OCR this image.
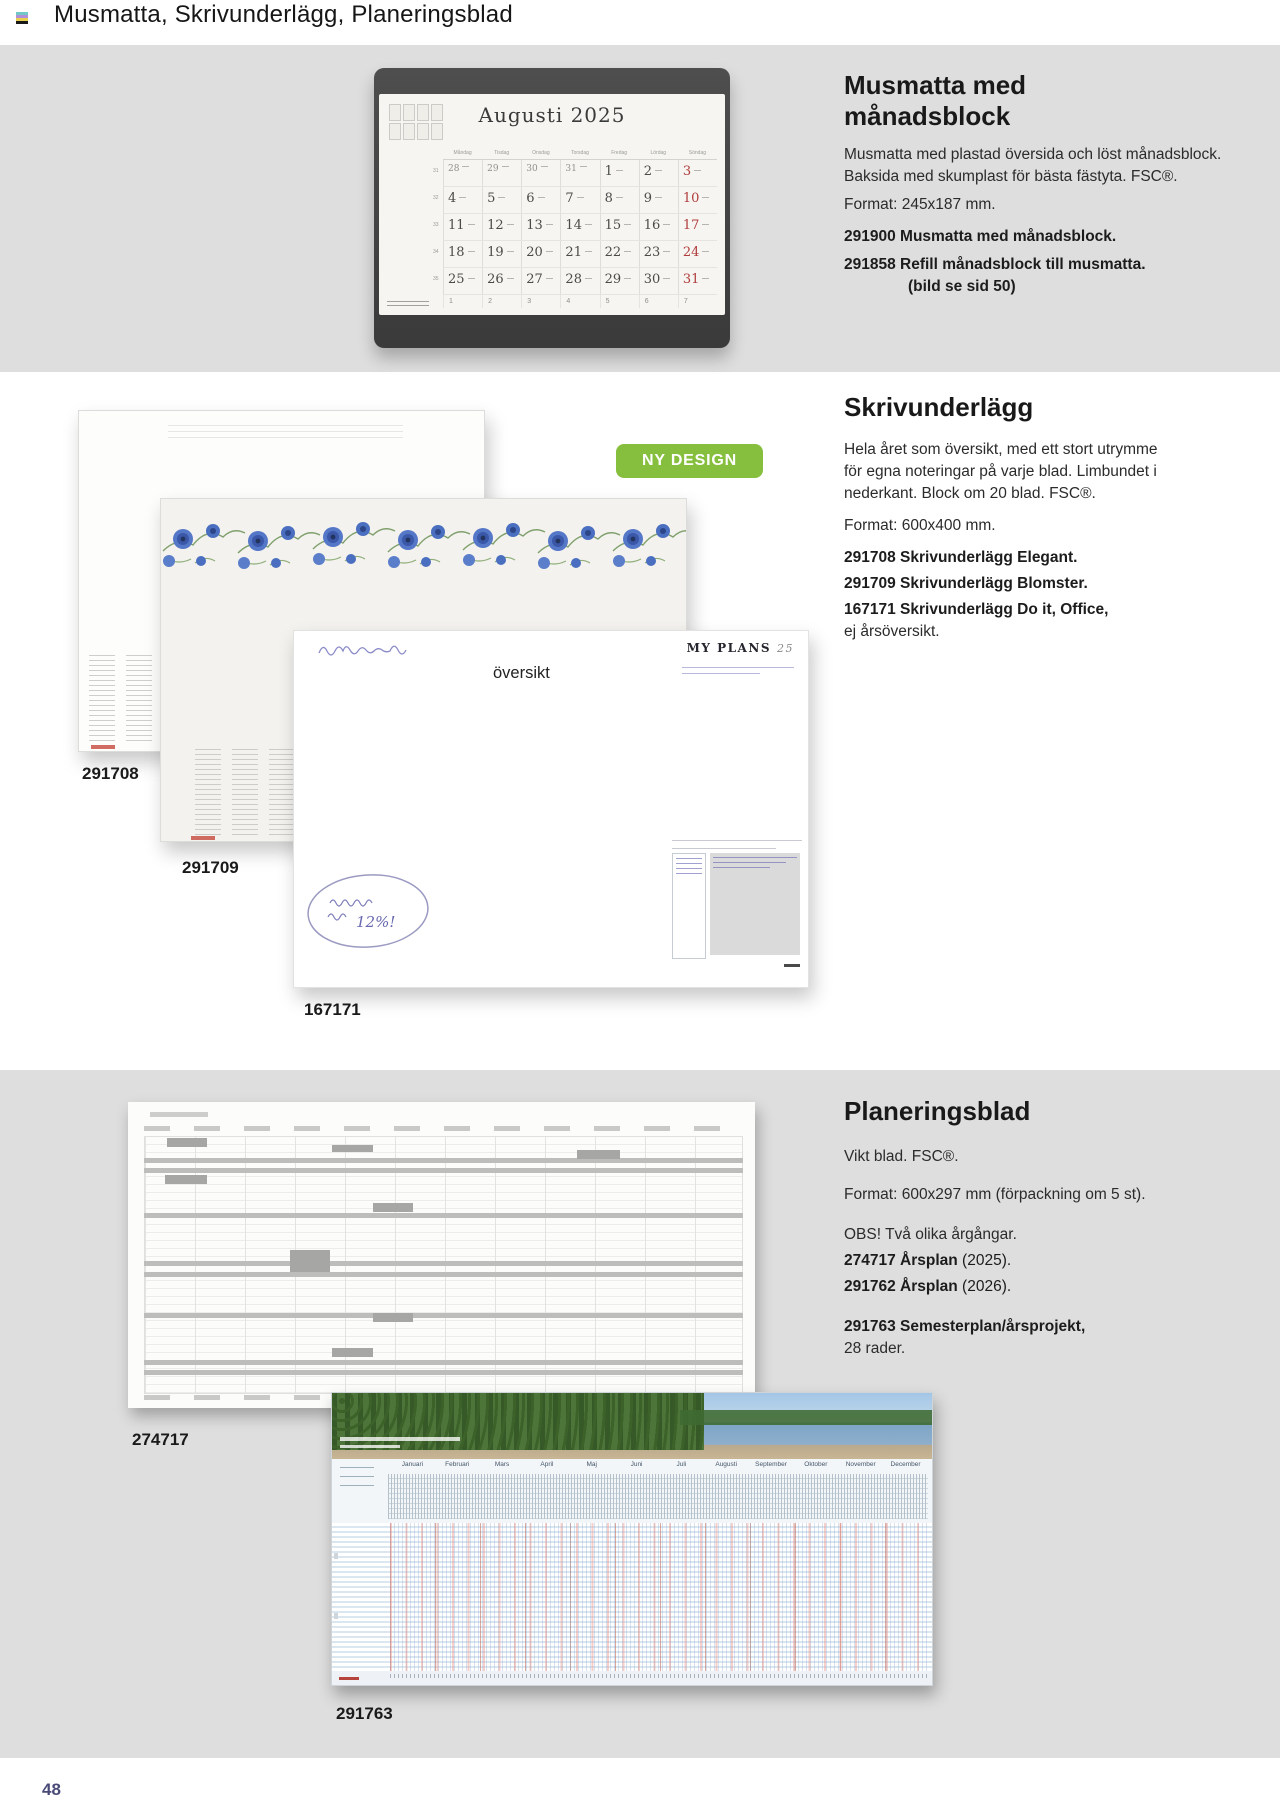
Musmatta, Skrivunderlägg, Planeringsblad
Augusti 2025
Måndag	Tisdag	Onsdag	Torsdag	Fredag	Lördag	Söndag
31	28	29	30	31	1	2	3
32 4	5	6	7	8	9	10
33 11	12	13	14	15	16	17
34 18	19	20	21	22	23	24
35 25	26	27	28	29	30	31
1	2	3	4	5	6	7
Musmatta med månadsblock
Musmatta med plastad översida och löst månadsblock.
Baksida med skumplast för bästa fästyta. FSC®.
Format: 245x187 mm.
291900 Musmatta med månadsblock.
291858 Refill månadsblock till musmatta.
(bild se sid 50)
MY PLANS 25
12%!
NY DESIGN
översikt
291708
291709
167171
Skrivunderlägg
Hela året som översikt, med ett stort utrymme
för egna noteringar på varje blad. Limbundet i
nederkant. Block om 20 blad. FSC®.
Format: 600x400 mm.
291708 Skrivunderlägg Elegant.
291709 Skrivunderlägg Blomster.
167171 Skrivunderlägg Do it, Office,
ej årsöversikt.
Januari	Februari	Mars	April	Maj	Juni	Juli	Augusti	September	Oktober	November	December
274717
291763
Planeringsblad
Vikt blad. FSC®.
Format: 600x297 mm (förpackning om 5 st).
OBS! Två olika årgångar.
274717 Årsplan (2025).
291762 Årsplan (2026).
291763 Semesterplan/årsprojekt,
28 rader.
48
